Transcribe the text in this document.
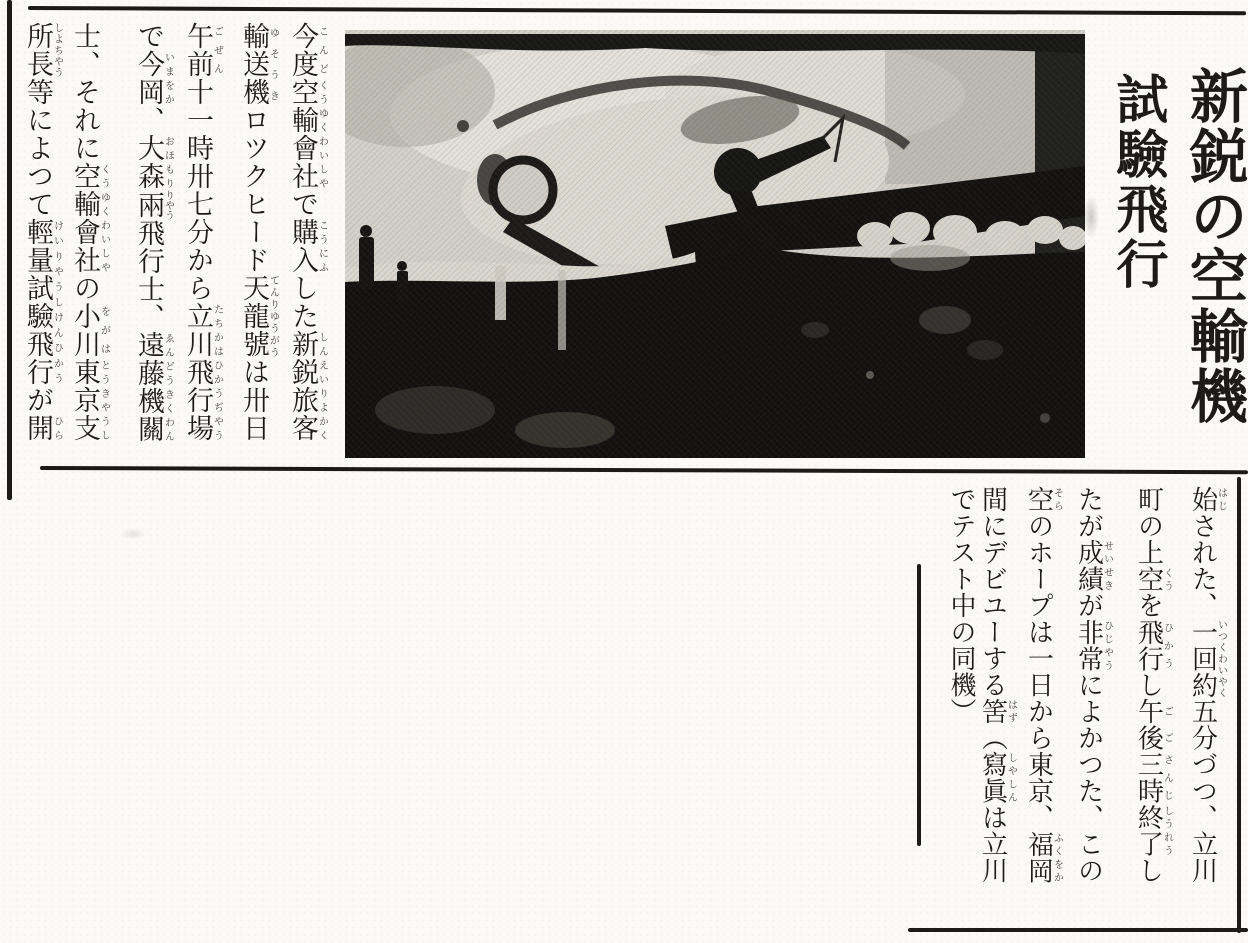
新鋭の空輸機
試驗飛行
今度こんど空輸會社くうゆくわいしやで購入こうにふした新鋭旅客しんえいりよかく
輸送機ゆそうきロツクヒード天龍號てんりゆうがうは卅日
午前ごぜん十一時卅七分から立川飛行場たちかはひかうぢやう
で今岡いまをか、大森おほもり兩りやう飛行士、遠藤ゑんどう機關きくわん
士、それに空輸會社くうゆくわいしやの小川をがは東京支とうきやうし
所長しよちやう等によつて輕量試驗飛行けいりやうしけんひかうが開ひら
始はじされた、一回約いつくわいやく五分づつ、立川
町の上空くうを飛行ひかうし午後ごご三時さんじ終了しうれうし
たが成績せいせきが非常ひじやうによかつた、この
空そらのホープは一日から東京、福岡ふくをか
間にデビユーする筈はず（寫眞しやしんは立川
でテスト中の同機）
